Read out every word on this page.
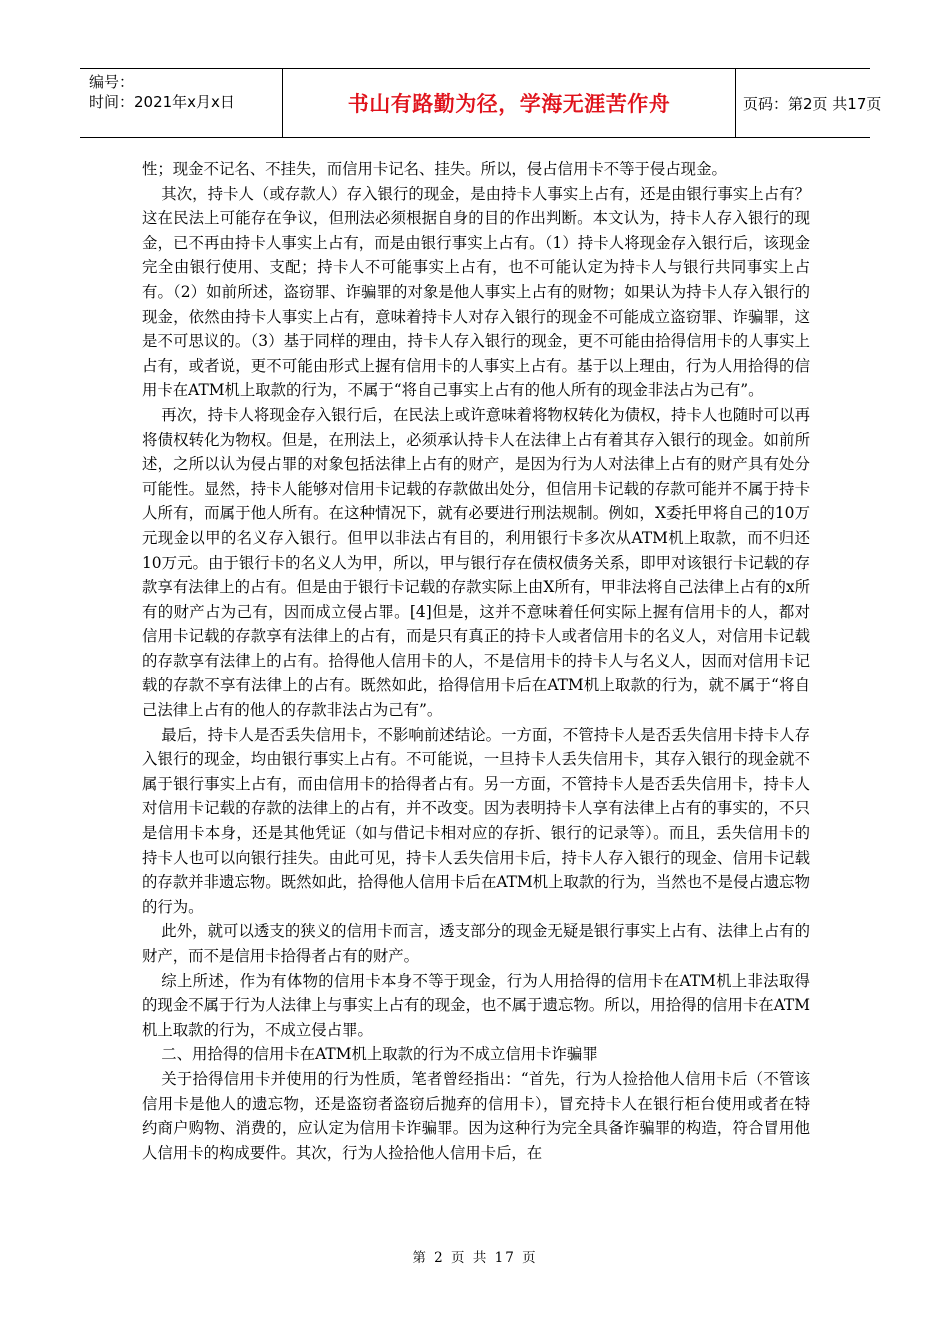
编号：
时间：2021年x月x日	书山有路勤为径，学海无涯苦作舟	页码：第2页 共17页

性；现金不记名、不挂失，而信用卡记名、挂失。所以，侵占信用卡不等于侵占现金。

其次，持卡人（或存款人）存入银行的现金，是由持卡人事实上占有，还是由银行事实上占有？这在民法上可能存在争议，但刑法必须根据自身的目的作出判断。本文认为，持卡人存入银行的现金，已不再由持卡人事实上占有，而是由银行事实上占有。（1）持卡人将现金存入银行后，该现金完全由银行使用、支配；持卡人不可能事实上占有，也不可能认定为持卡人与银行共同事实上占有。（2）如前所述，盗窃罪、诈骗罪的对象是他人事实上占有的财物；如果认为持卡人存入银行的现金，依然由持卡人事实上占有，意味着持卡人对存入银行的现金不可能成立盗窃罪、诈骗罪，这是不可思议的。（3）基于同样的理由，持卡人存入银行的现金，更不可能由拾得信用卡的人事实上占有，或者说，更不可能由形式上握有信用卡的人事实上占有。基于以上理由，行为人用拾得的信用卡在ATM机上取款的行为，不属于“将自己事实上占有的他人所有的现金非法占为己有”。

再次，持卡人将现金存入银行后，在民法上或许意味着将物权转化为债权，持卡人也随时可以再将债权转化为物权。但是，在刑法上，必须承认持卡人在法律上占有着其存入银行的现金。如前所述，之所以认为侵占罪的对象包括法律上占有的财产，是因为行为人对法律上占有的财产具有处分可能性。显然，持卡人能够对信用卡记载的存款做出处分，但信用卡记载的存款可能并不属于持卡人所有，而属于他人所有。在这种情况下，就有必要进行刑法规制。例如，X委托甲将自己的10万元现金以甲的名义存入银行。但甲以非法占有目的，利用银行卡多次从ATM机上取款，而不归还10万元。由于银行卡的名义人为甲，所以，甲与银行存在债权债务关系，即甲对该银行卡记载的存款享有法律上的占有。但是由于银行卡记载的存款实际上由X所有，甲非法将自己法律上占有的x所有的财产占为己有，因而成立侵占罪。[4]但是，这并不意味着任何实际上握有信用卡的人，都对信用卡记载的存款享有法律上的占有，而是只有真正的持卡人或者信用卡的名义人，对信用卡记载的存款享有法律上的占有。拾得他人信用卡的人，不是信用卡的持卡人与名义人，因而对信用卡记载的存款不享有法律上的占有。既然如此，拾得信用卡后在ATM机上取款的行为，就不属于“将自己法律上占有的他人的存款非法占为己有”。

最后，持卡人是否丢失信用卡，不影响前述结论。一方面，不管持卡人是否丢失信用卡持卡人存入银行的现金，均由银行事实上占有。不可能说，一旦持卡人丢失信用卡，其存入银行的现金就不属于银行事实上占有，而由信用卡的拾得者占有。另一方面，不管持卡人是否丢失信用卡，持卡人对信用卡记载的存款的法律上的占有，并不改变。因为表明持卡人享有法律上占有的事实的，不只是信用卡本身，还是其他凭证（如与借记卡相对应的存折、银行的记录等）。而且，丢失信用卡的持卡人也可以向银行挂失。由此可见，持卡人丢失信用卡后，持卡人存入银行的现金、信用卡记载的存款并非遗忘物。既然如此，拾得他人信用卡后在ATM机上取款的行为，当然也不是侵占遗忘物的行为。

此外，就可以透支的狭义的信用卡而言，透支部分的现金无疑是银行事实上占有、法律上占有的财产，而不是信用卡拾得者占有的财产。

综上所述，作为有体物的信用卡本身不等于现金，行为人用拾得的信用卡在ATM机上非法取得的现金不属于行为人法律上与事实上占有的现金，也不属于遗忘物。所以，用拾得的信用卡在ATM机上取款的行为，不成立侵占罪。

二、用拾得的信用卡在ATM机上取款的行为不成立信用卡诈骗罪

关于拾得信用卡并使用的行为性质，笔者曾经指出：“首先，行为人捡拾他人信用卡后（不管该信用卡是他人的遗忘物，还是盗窃者盗窃后抛弃的信用卡），冒充持卡人在银行柜台使用或者在特约商户购物、消费的，应认定为信用卡诈骗罪。因为这种行为完全具备诈骗罪的构造，符合冒用他人信用卡的构成要件。其次，行为人捡拾他人信用卡后，在

第 2 页 共 17 页
